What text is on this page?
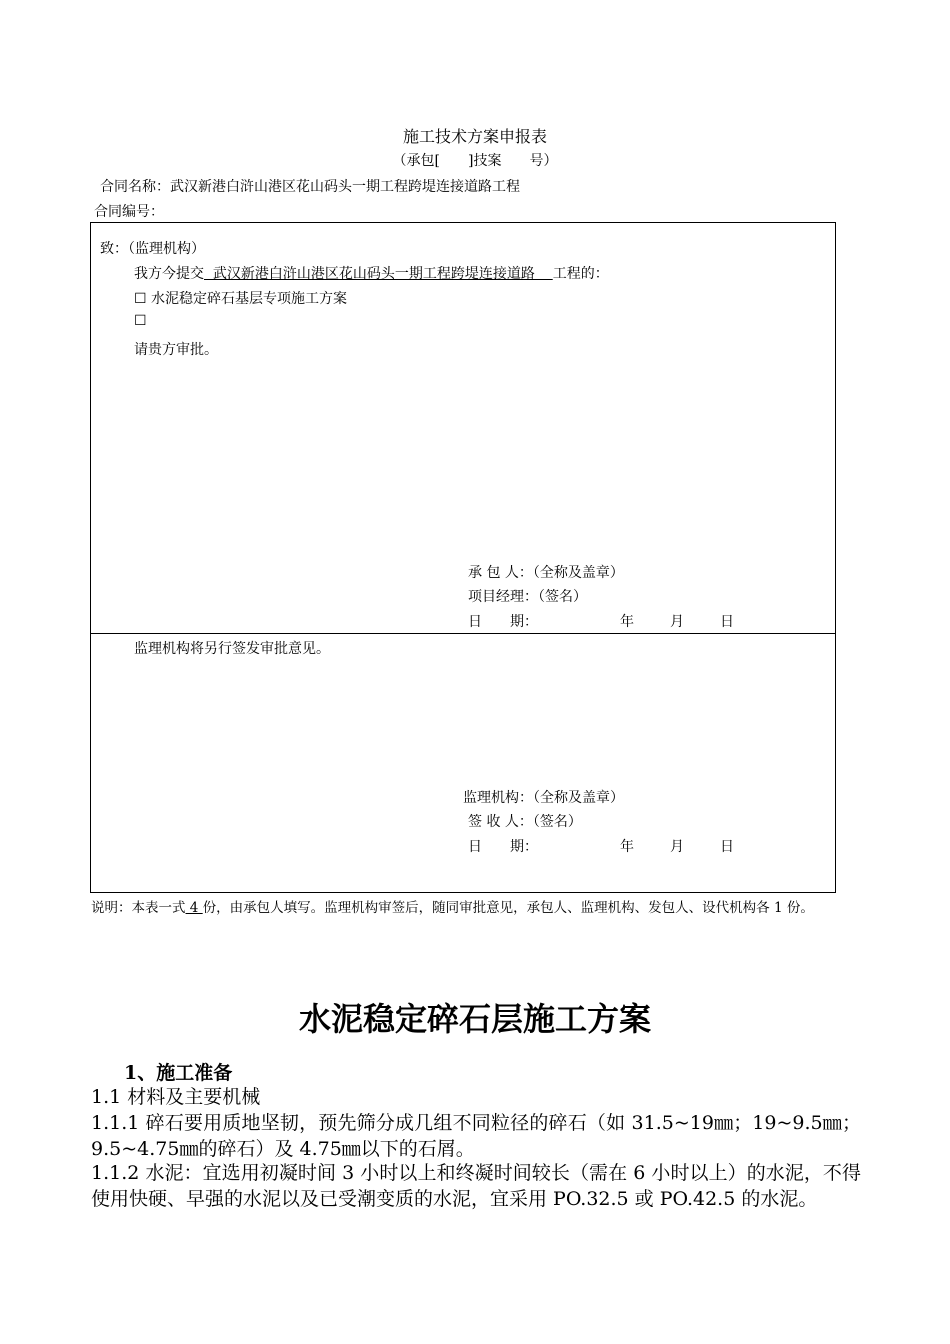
施工技术方案申报表
（承包[　　]技案　　号）
合同名称：武汉新港白浒山港区花山码头一期工程跨堤连接道路工程
合同编号：
致：（监理机构）
我方今提交  武汉新港白浒山港区花山码头一期工程跨堤连接道路    工程的：
☐ 水泥稳定碎石基层专项施工方案
☐
请贵方审批。
承 包 人：（全称及盖章）
项目经理：（签名）
日　　期：	年	月	日
监理机构将另行签发审批意见。
监理机构：（全称及盖章）
签 收 人：（签名）
日　　期：	年	月	日
说明：本表一式 4 份，由承包人填写。监理机构审签后，随同审批意见，承包人、监理机构、发包人、设代机构各 1 份。
水泥稳定碎石层施工方案
1、施工准备
1.1 材料及主要机械
1.1.1 碎石要用质地坚韧，预先筛分成几组不同粒径的碎石（如 31.5~19㎜；19~9.5㎜；9.5~4.75㎜的碎石）及 4.75㎜以下的石屑。
1.1.2 水泥：宜选用初凝时间 3 小时以上和终凝时间较长（需在 6 小时以上）的水泥，不得使用快硬、早强的水泥以及已受潮变质的水泥，宜采用 PO.32.5 或 PO.42.5 的水泥。
